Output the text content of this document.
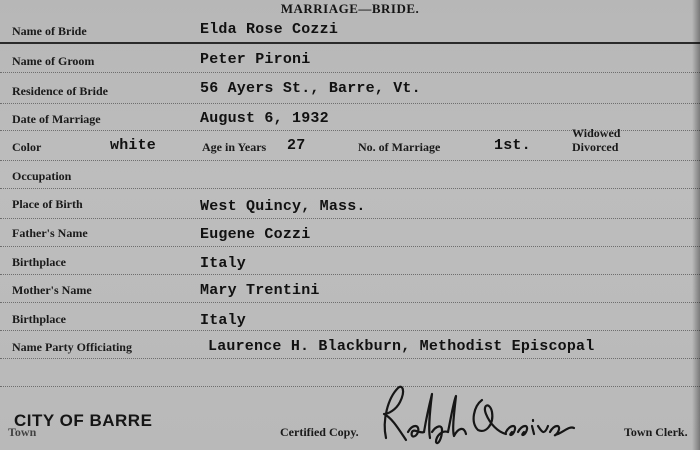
MARRIAGE—BRIDE.
Name of Bride	Elda Rose Cozzi
Name of Groom	Peter Pironi
Residence of Bride	56 Ayers St., Barre, Vt.
Date of Marriage	August 6, 1932
Color	white	Age in Years 27	No. of Marriage	1st.
Widowed
Divorced
Occupation
Place of Birth	West Quincy, Mass.
Father's Name	Eugene Cozzi
Birthplace	Italy
Mother's Name	Mary Trentini
Birthplace	Italy
Name Party Officiating	Laurence H. Blackburn, Methodist Episcopal
Town
CITY OF BARRE
Certified Copy.	Town Clerk.
